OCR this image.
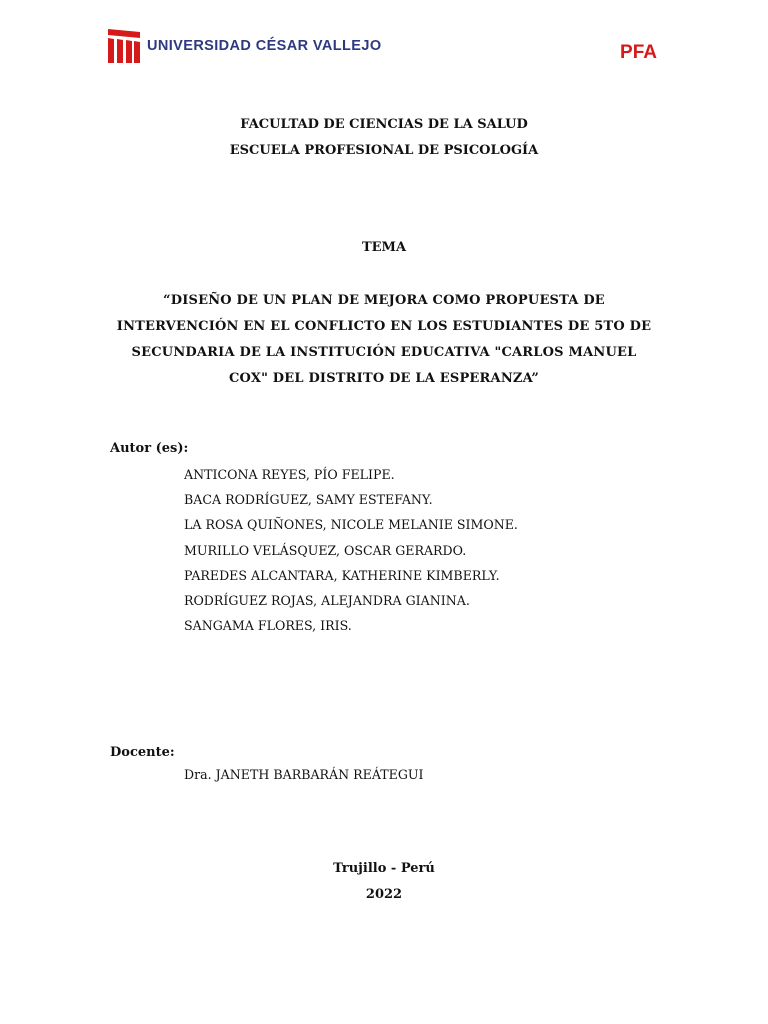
UNIVERSIDAD CÉSAR VALLEJO	PFA
FACULTAD DE CIENCIAS DE LA SALUD
ESCUELA PROFESIONAL DE PSICOLOGÍA
TEMA
“DISEÑO DE UN PLAN DE MEJORA COMO PROPUESTA DE
INTERVENCIÓN EN EL CONFLICTO EN LOS ESTUDIANTES DE 5TO DE
SECUNDARIA DE LA INSTITUCIÓN EDUCATIVA "CARLOS MANUEL
COX" DEL DISTRITO DE LA ESPERANZA”
Autor (es):
ANTICONA REYES, PÍO FELIPE.
BACA RODRÍGUEZ, SAMY ESTEFANY.
LA ROSA QUIÑONES, NICOLE MELANIE SIMONE.
MURILLO VELÁSQUEZ, OSCAR GERARDO.
PAREDES ALCANTARA, KATHERINE KIMBERLY.
RODRÍGUEZ ROJAS, ALEJANDRA GIANINA.
SANGAMA FLORES, IRIS.
Docente:
Dra. JANETH BARBARÁN REÁTEGUI
Trujillo - Perú
2022
